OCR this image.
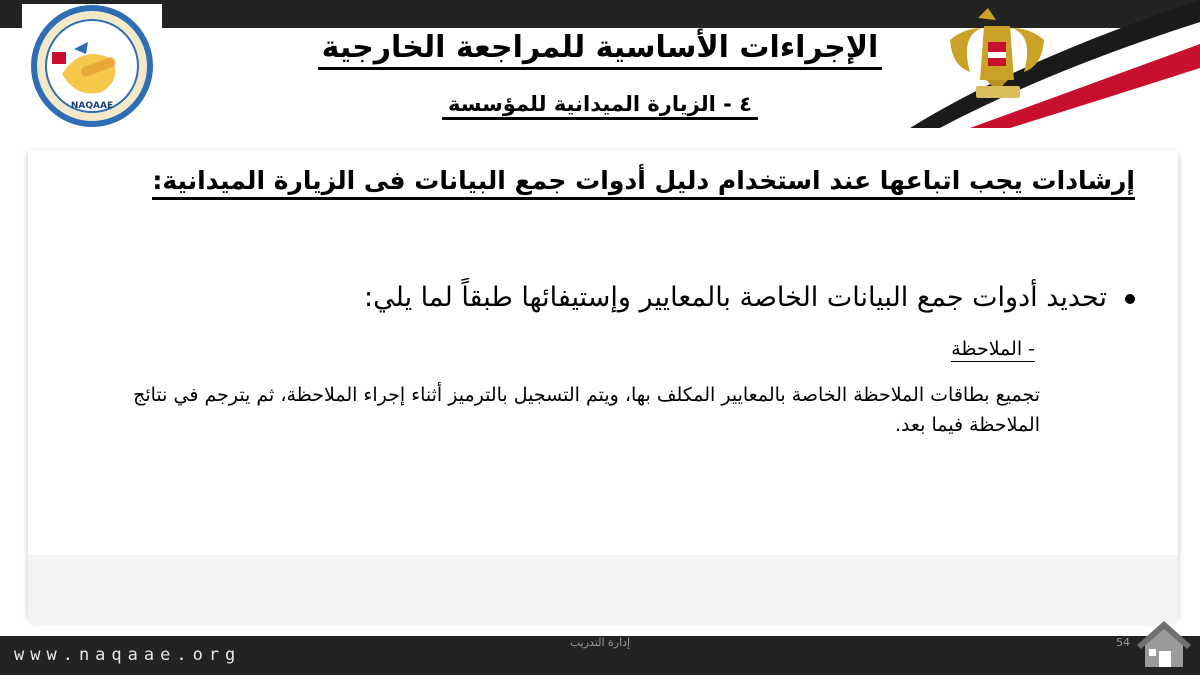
NAQAAE
الإجراءات الأساسية للمراجعة الخارجية
٤ - الزيارة الميدانية للمؤسسة
إرشادات يجب اتباعها عند استخدام دليل أدوات جمع البيانات فى الزيارة الميدانية:
تحديد أدوات جمع البيانات الخاصة بالمعايير وإستيفائها طبقاً لما يلي:
- الملاحظة
تجميع بطاقات الملاحظة الخاصة بالمعايير المكلف بها، ويتم التسجيل بالترميز أثناء إجراء الملاحظة، ثم يترجم في نتائج الملاحظة فيما بعد.
www.naqaae.org
إدارة التدريب	54
